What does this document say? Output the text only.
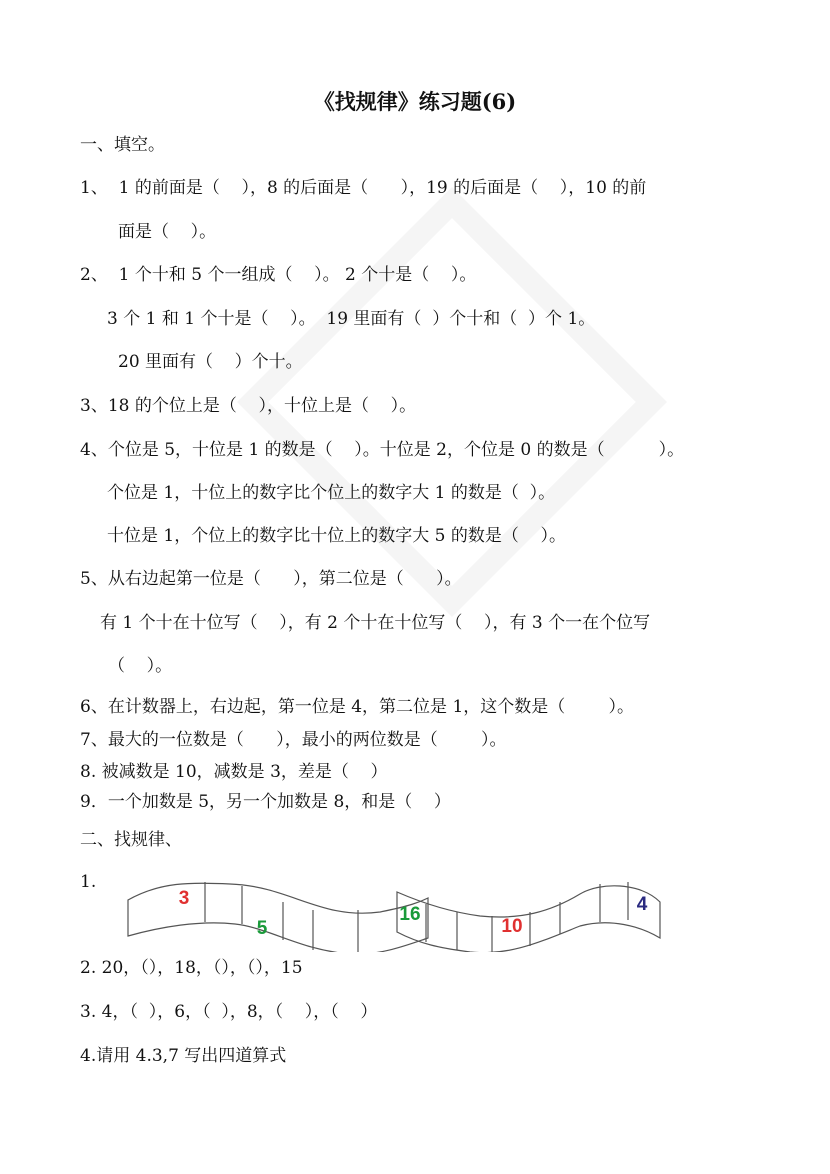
《找规律》练习题(6)
一、填空。
1、  1 的前面是（    ），8 的后面是（      ），19 的后面是（    ），10 的前
面是（    ）。
2、  1 个十和 5 个一组成（    ）。 2 个十是（    ）。
3 个 1 和 1 个十是（    ）。  19 里面有（  ）个十和（  ）个 1。
20 里面有（    ）个十。
3、18 的个位上是（    ），十位上是（    ）。
4、个位是 5，十位是 1 的数是（    ）。十位是 2，个位是 0 的数是（          ）。
个位是 1，十位上的数字比个位上的数字大 1 的数是（  ）。
十位是 1，个位上的数字比十位上的数字大 5 的数是（    ）。
5、从右边起第一位是（      ），第二位是（      ）。
有 1 个十在十位写（    ），有 2 个十在十位写（    ），有 3 个一在个位写
（    ）。
6、在计数器上，右边起，第一位是 4，第二位是 1，这个数是（        ）。
7、最大的一位数是（      ），最小的两位数是（        ）。
8. 被减数是 10，减数是 3，差是（    ）
9．一个加数是 5，另一个加数是 8，和是（    ）
二、找规律、
1.
3
5
16
10
4
2. 20，（），18，（），（），15
3. 4，（  ），6，（  ），8，（    ），（    ）
4.请用 4.3,7 写出四道算式
